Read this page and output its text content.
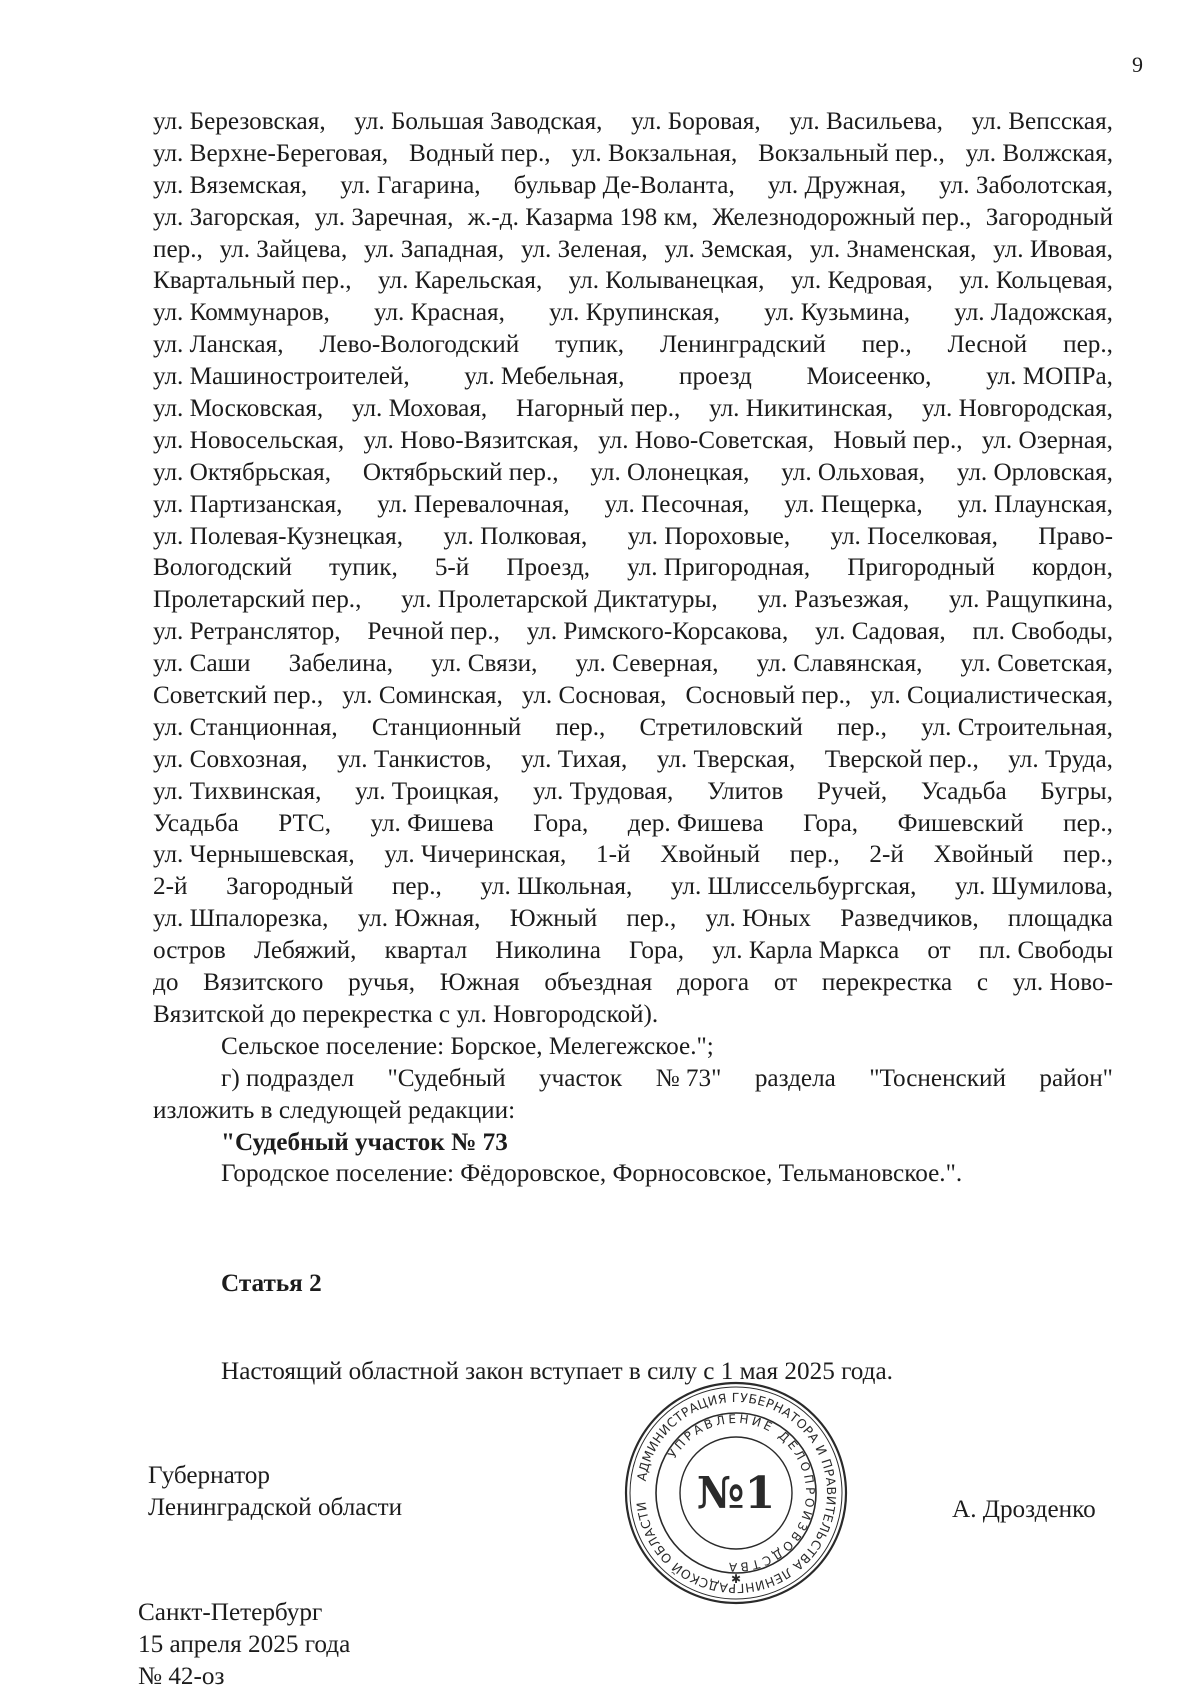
9
ул. Березовская, ул. Большая Заводская, ул. Боровая, ул. Васильева, ул. Вепсская,
ул. Верхне-Береговая, Водный пер., ул. Вокзальная, Вокзальный пер., ул. Волжская,
ул. Вяземская, ул. Гагарина, бульвар Де-Воланта, ул. Дружная, ул. Заболотская,
ул. Загорская, ул. Заречная, ж.-д. Казарма 198 км, Железнодорожный пер., Загородный
пер., ул. Зайцева, ул. Западная, ул. Зеленая, ул. Земская, ул. Знаменская, ул. Ивовая,
Квартальный пер., ул. Карельская, ул. Колыванецкая, ул. Кедровая, ул. Кольцевая,
ул. Коммунаров, ул. Красная, ул. Крупинская, ул. Кузьмина, ул. Ладожская,
ул. Ланская, Лево-Вологодский тупик, Ленинградский пер., Лесной пер.,
ул. Машиностроителей, ул. Мебельная, проезд Моисеенко, ул. МОПРа,
ул. Московская, ул. Моховая, Нагорный пер., ул. Никитинская, ул. Новгородская,
ул. Новосельская, ул. Ново-Вязитская, ул. Ново-Советская, Новый пер., ул. Озерная,
ул. Октябрьская, Октябрьский пер., ул. Олонецкая, ул. Ольховая, ул. Орловская,
ул. Партизанская, ул. Перевалочная, ул. Песочная, ул. Пещерка, ул. Плаунская,
ул. Полевая-Кузнецкая, ул. Полковая, ул. Пороховые, ул. Поселковая, Право-
Вологодский тупик, 5-й Проезд, ул. Пригородная, Пригородный кордон,
Пролетарский пер., ул. Пролетарской Диктатуры, ул. Разъезжая, ул. Ращупкина,
ул. Ретранслятор, Речной пер., ул. Римского-Корсакова, ул. Садовая, пл. Свободы,
ул. Саши Забелина, ул. Связи, ул. Северная, ул. Славянская, ул. Советская,
Советский пер., ул. Соминская, ул. Сосновая, Сосновый пер., ул. Социалистическая,
ул. Станционная, Станционный пер., Стретиловский пер., ул. Строительная,
ул. Совхозная, ул. Танкистов, ул. Тихая, ул. Тверская, Тверской пер., ул. Труда,
ул. Тихвинская, ул. Троицкая, ул. Трудовая, Улитов Ручей, Усадьба Бугры,
Усадьба РТС, ул. Фишева Гора, дер. Фишева Гора, Фишевский пер.,
ул. Чернышевская, ул. Чичеринская, 1-й Хвойный пер., 2-й Хвойный пер.,
2-й Загородный пер., ул. Школьная, ул. Шлиссельбургская, ул. Шумилова,
ул. Шпалорезка, ул. Южная, Южный пер., ул. Юных Разведчиков, площадка
остров Лебяжий, квартал Николина Гора, ул. Карла Маркса от пл. Свободы
до Вязитского ручья, Южная объездная дорога от перекрестка с ул. Ново-
Вязитской до перекрестка с ул. Новгородской).
Сельское поселение: Борское, Мелегежское.";
г) подраздел "Судебный участок № 73" раздела "Тосненский район"
изложить в следующей редакции:
"Судебный участок № 73
Городское поселение: Фёдоровское, Форносовское, Тельмановское.".
Статья 2
Настоящий областной закон вступает в силу с 1 мая 2025 года.
Губернатор
Ленинградской области	А. Дрозденко
Санкт-Петербург
15 апреля 2025 года
№ 42-оз
АДМИНИСТРАЦИЯ ГУБЕРНАТОРА И ПРАВИТЕЛЬСТВА ЛЕНИНГРАДСКОЙ ОБЛАСТИ
УПРАВЛЕНИЕ ДЕЛОПРОИЗВОДСТВА
№1
✱
